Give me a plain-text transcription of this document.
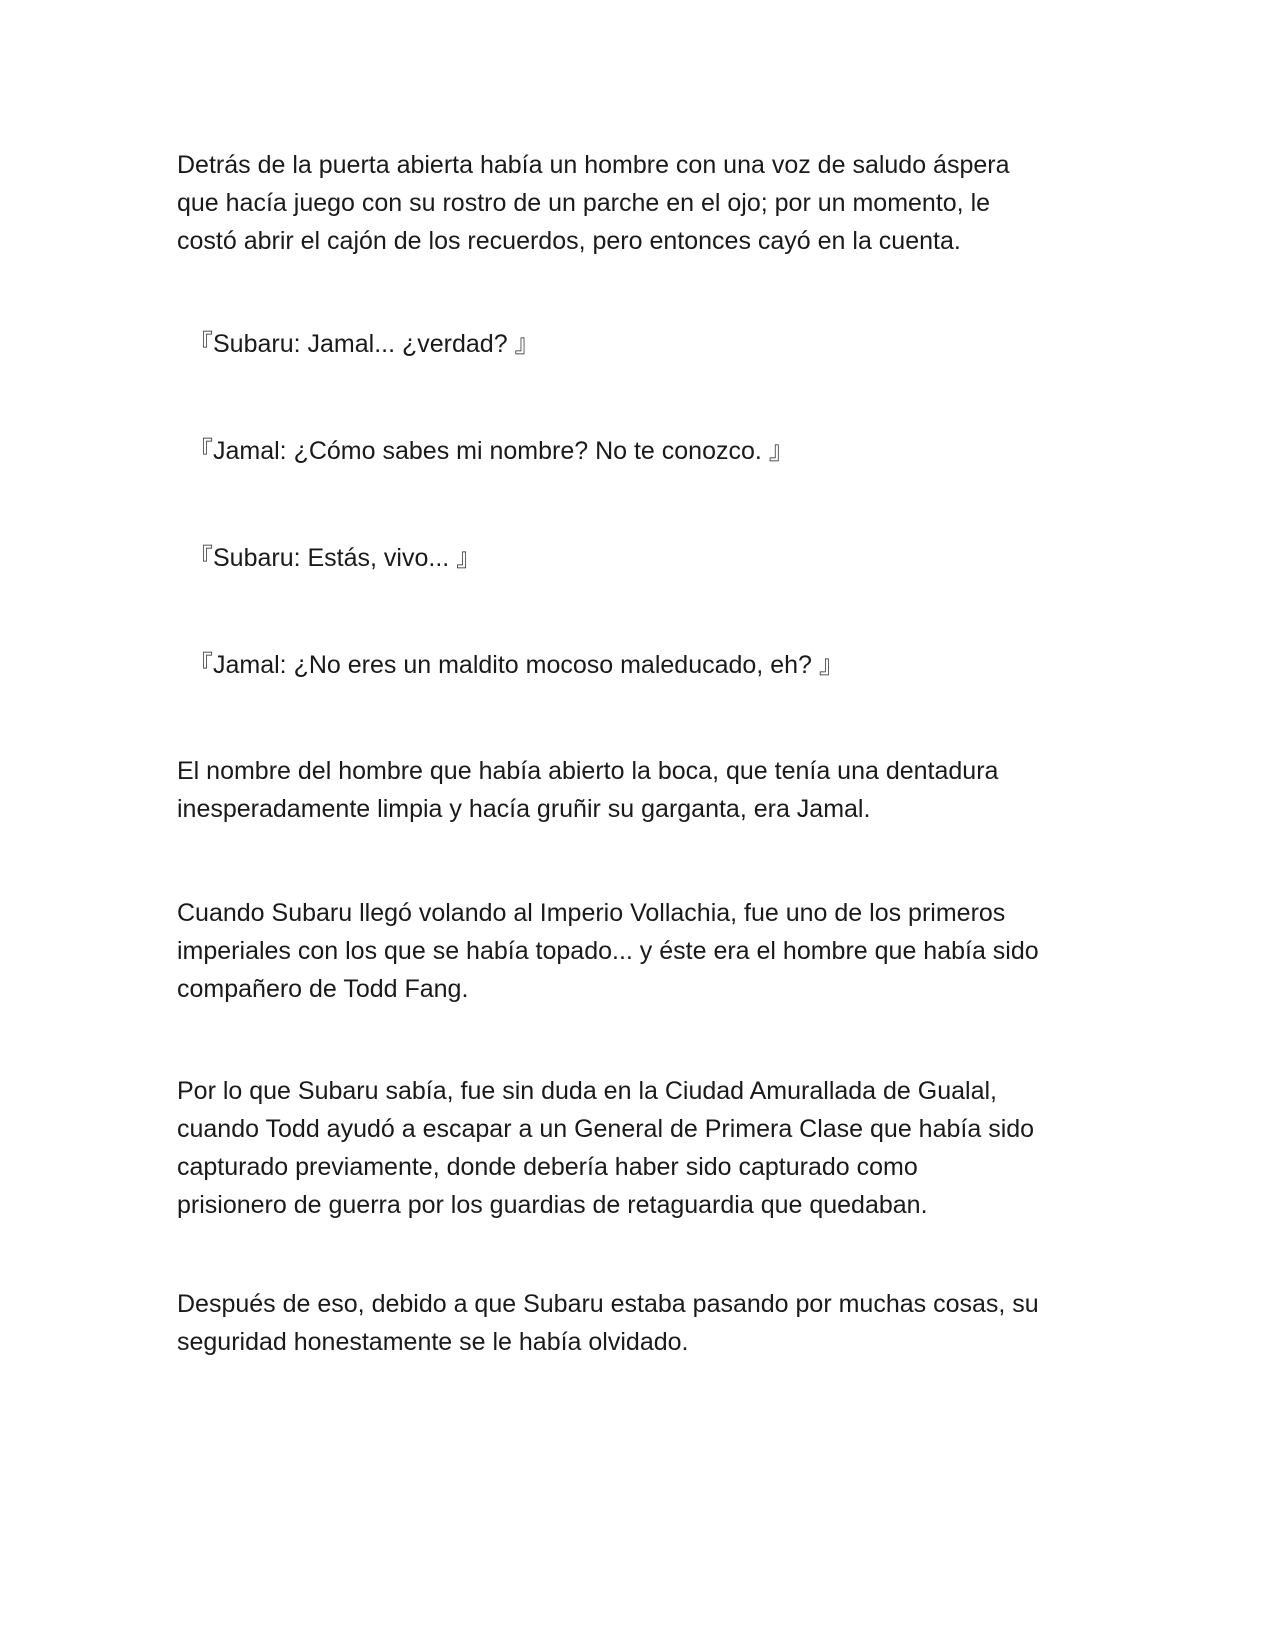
Detrás de la puerta abierta había un hombre con una voz de saludo áspera
que hacía juego con su rostro de un parche en el ojo; por un momento, le
costó abrir el cajón de los recuerdos, pero entonces cayó en la cuenta.

『Subaru: Jamal... ¿verdad? 』

『Jamal: ¿Cómo sabes mi nombre? No te conozco. 』

『Subaru: Estás, vivo... 』

『Jamal: ¿No eres un maldito mocoso maleducado, eh? 』

El nombre del hombre que había abierto la boca, que tenía una dentadura
inesperadamente limpia y hacía gruñir su garganta, era Jamal.

Cuando Subaru llegó volando al Imperio Vollachia, fue uno de los primeros
imperiales con los que se había topado... y éste era el hombre que había sido
compañero de Todd Fang.

Por lo que Subaru sabía, fue sin duda en la Ciudad Amurallada de Gualal,
cuando Todd ayudó a escapar a un General de Primera Clase que había sido
capturado previamente, donde debería haber sido capturado como
prisionero de guerra por los guardias de retaguardia que quedaban.

Después de eso, debido a que Subaru estaba pasando por muchas cosas, su
seguridad honestamente se le había olvidado.
